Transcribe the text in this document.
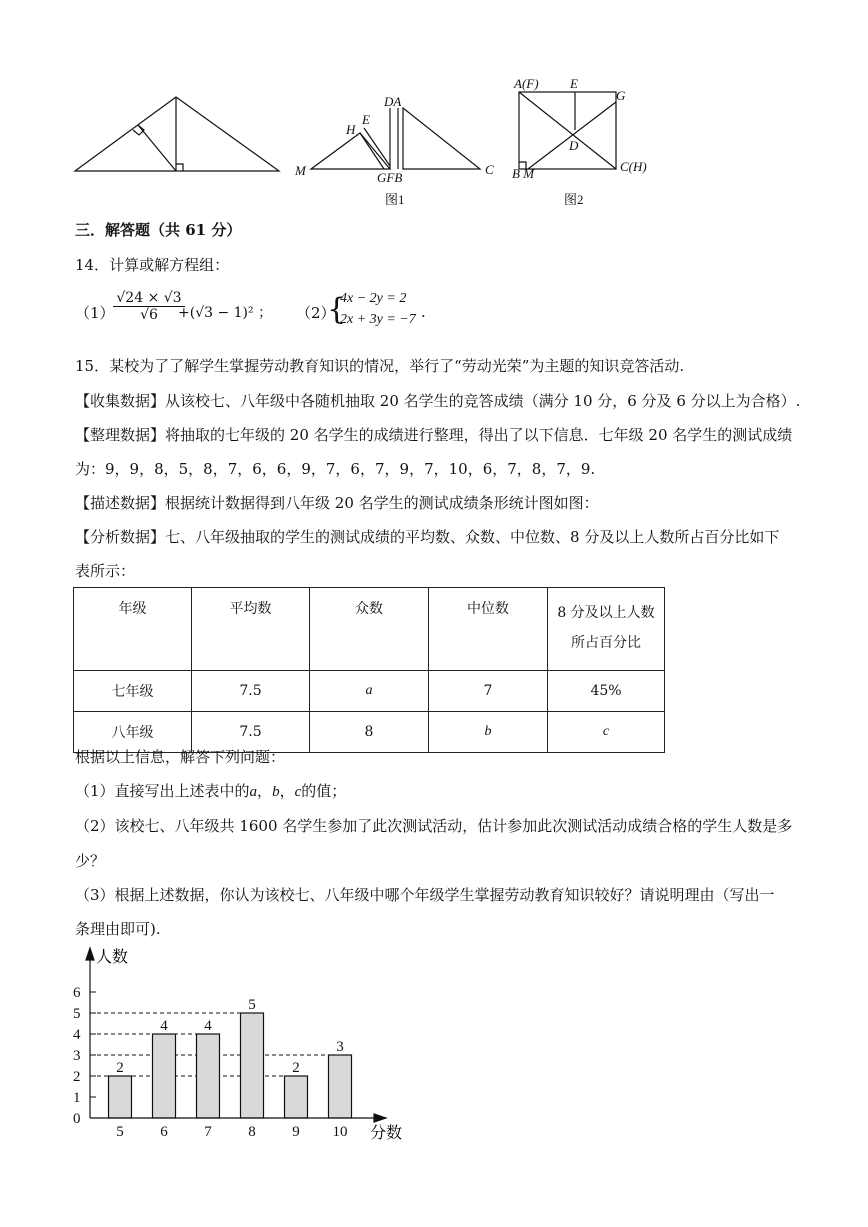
DA
H
E
M	GFB
C
图1
A(F) E
G
D
B M	C(H)
图2
三．解答题（共 61 分）
14．计算或解方程组：
（1）
$\frac{√24 \times √3}{√6}$
+(√3 − 1)² ； （2）
{
4x − 2y = 2
2x + 3y = −7 .
15．某校为了了解学生掌握劳动教育知识的情况，举行了“劳动光荣”为主题的知识竞答活动.
【收集数据】从该校七、八年级中各随机抽取 20 名学生的竞答成绩（满分 10 分，6 分及 6 分以上为合格）.
【整理数据】将抽取的七年级的 20 名学生的成绩进行整理，得出了以下信息．七年级 20 名学生的测试成绩
为：9，9，8，5，8，7，6，6，9，7，6，7，9，7，10，6，7，8，7，9.
【描述数据】根据统计数据得到八年级 20 名学生的测试成绩条形统计图如图：
【分析数据】七、八年级抽取的学生的测试成绩的平均数、众数、中位数、8 分及以上人数所占百分比如下
表所示：
年级	平均数	众数	中位数	8 分及以上人数
所占百分比

七年级	7.5	a	7	45%
八年级	7.5	8	b	c
根据以上信息，解答下列问题：
（1）直接写出上述表中的a，b，c的值；
（2）该校七、八年级共 1600 名学生参加了此次测试活动，估计参加此次测试活动成绩合格的学生人数是多
少？
（3）根据上述数据，你认为该校七、八年级中哪个年级学生掌握劳动教育知识较好？请说明理由（写出一
条理由即可).
人数
分数
0
1
2
3
4
5
6
5 6 7 8 9 10
2
4 4
5
2
3
